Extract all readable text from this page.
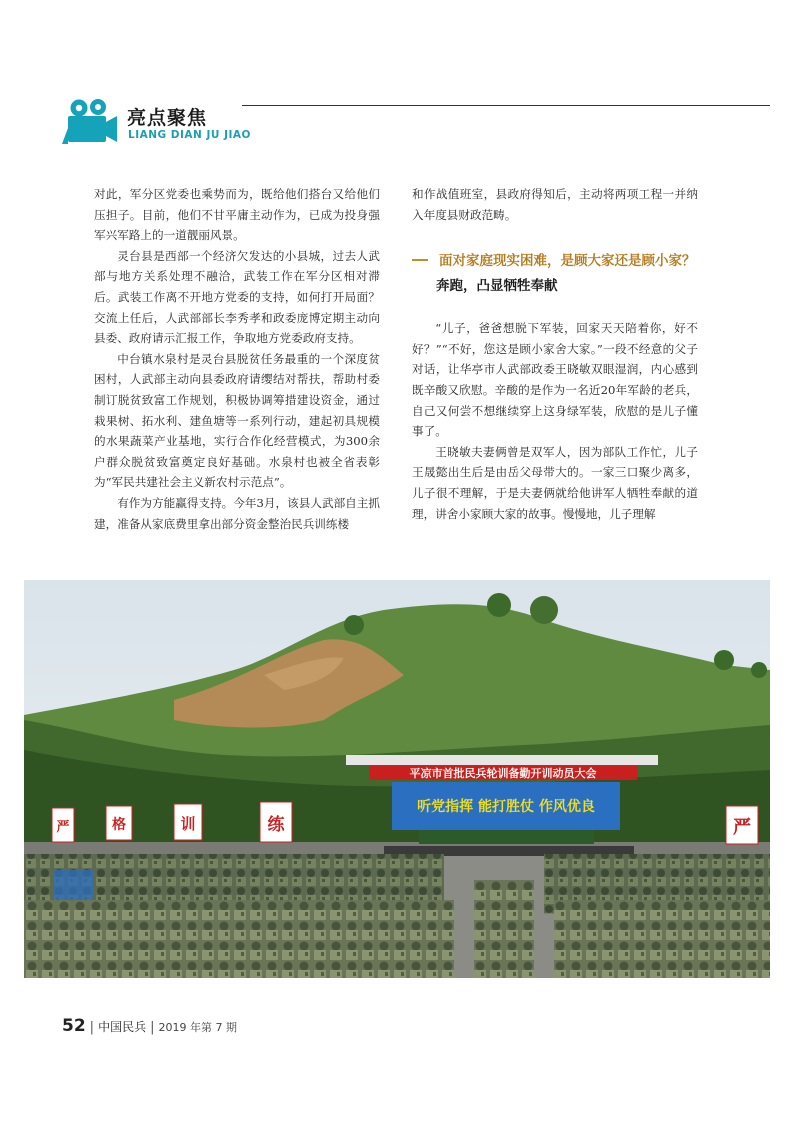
亮点聚焦
LIANG DIAN JU JIAO

对此，军分区党委也乘势而为，既给他们搭台又给他们压担子。目前，他们不甘平庸主动作为，已成为投身强军兴军路上的一道靓丽风景。

灵台县是西部一个经济欠发达的小县城，过去人武部与地方关系处理不融洽，武装工作在军分区相对滞后。武装工作离不开地方党委的支持，如何打开局面？交流上任后，人武部部长李秀孝和政委庞博定期主动向县委、政府请示汇报工作，争取地方党委政府支持。

中台镇水泉村是灵台县脱贫任务最重的一个深度贫困村，人武部主动向县委政府请缨结对帮扶，帮助村委制订脱贫致富工作规划，积极协调筹措建设资金，通过栽果树、拓水利、建鱼塘等一系列行动，建起初具规模的水果蔬菜产业基地，实行合作化经营模式，为300余户群众脱贫致富奠定良好基础。水泉村也被全省表彰为“军民共建社会主义新农村示范点”。

有作为方能赢得支持。今年3月，该县人武部自主抓建，准备从家底费里拿出部分资金整治民兵训练楼

和作战值班室，县政府得知后，主动将两项工程一并纳入年度县财政范畴。

面对家庭现实困难，是顾大家还是顾小家？

奔跑，凸显牺牲奉献

“儿子，爸爸想脱下军装，回家天天陪着你，好不好？”“不好，您这是顾小家舍大家。”一段不经意的父子对话，让华亭市人武部政委王晓敏双眼湿润，内心感到既辛酸又欣慰。辛酸的是作为一名近20年军龄的老兵，自己又何尝不想继续穿上这身绿军装，欣慰的是儿子懂事了。

王晓敏夫妻俩曾是双军人，因为部队工作忙，儿子王晟懿出生后是由岳父母带大的。一家三口聚少离多，儿子很不理解，于是夫妻俩就给他讲军人牺牲奉献的道理，讲舍小家顾大家的故事。慢慢地，儿子理解

平凉市首批民兵轮训备勤开训动员大会
听党指挥 能打胜仗 作风优良
严	格	训	练	严
52 | 中国民兵 | 2019 年第 7 期
